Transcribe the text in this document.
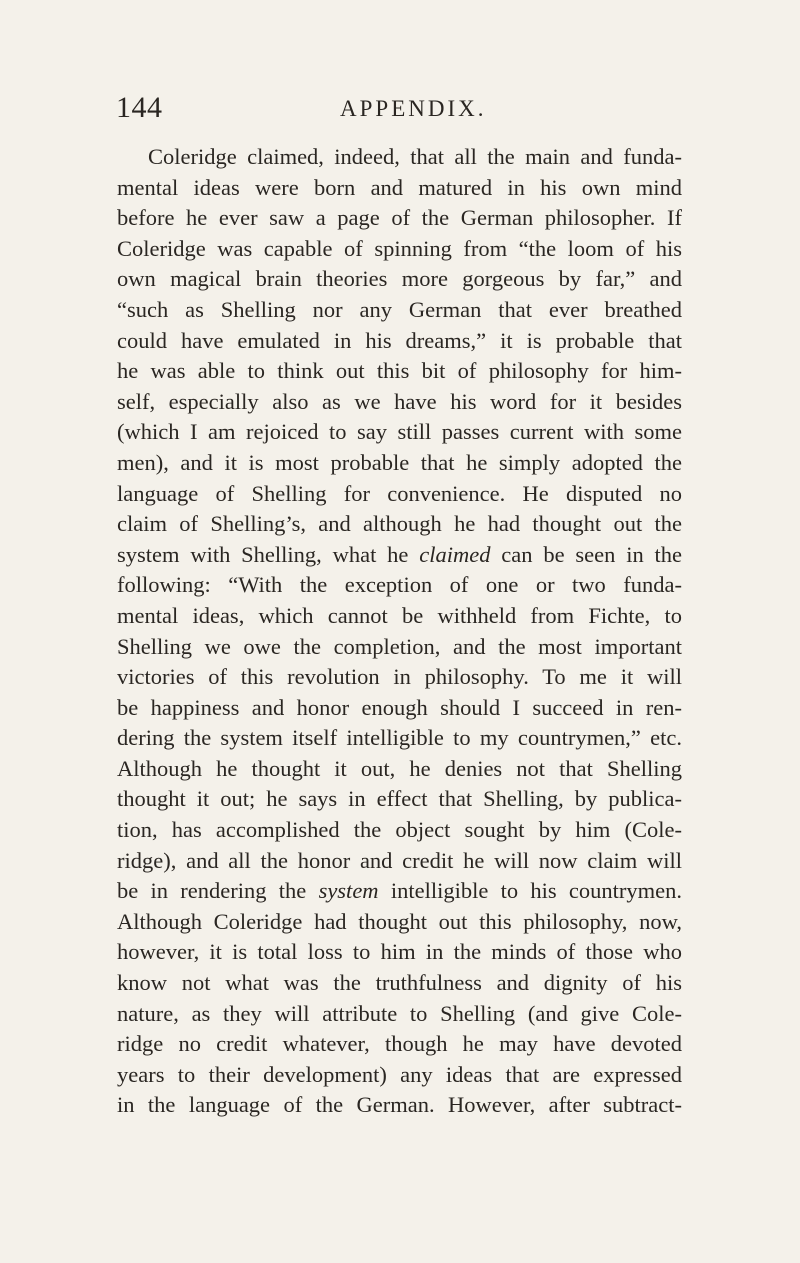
144	APPENDIX.
Coleridge claimed, indeed, that all the main and funda-
mental ideas were born and matured in his own mind
before he ever saw a page of the German philosopher. If
Coleridge was capable of spinning from “the loom of his
own magical brain theories more gorgeous by far,” and
“such as Shelling nor any German that ever breathed
could have emulated in his dreams,” it is probable that
he was able to think out this bit of philosophy for him-
self, especially also as we have his word for it besides
(which I am rejoiced to say still passes current with some
men), and it is most probable that he simply adopted the
language of Shelling for convenience. He disputed no
claim of Shelling’s, and although he had thought out the
system with Shelling, what he claimed can be seen in the
following: “With the exception of one or two funda-
mental ideas, which cannot be withheld from Fichte, to
Shelling we owe the completion, and the most important
victories of this revolution in philosophy. To me it will
be happiness and honor enough should I succeed in ren-
dering the system itself intelligible to my countrymen,” etc.
Although he thought it out, he denies not that Shelling
thought it out; he says in effect that Shelling, by publica-
tion, has accomplished the object sought by him (Cole-
ridge), and all the honor and credit he will now claim will
be in rendering the system intelligible to his countrymen.
Although Coleridge had thought out this philosophy, now,
however, it is total loss to him in the minds of those who
know not what was the truthfulness and dignity of his
nature, as they will attribute to Shelling (and give Cole-
ridge no credit whatever, though he may have devoted
years to their development) any ideas that are expressed
in the language of the German. However, after subtract-
